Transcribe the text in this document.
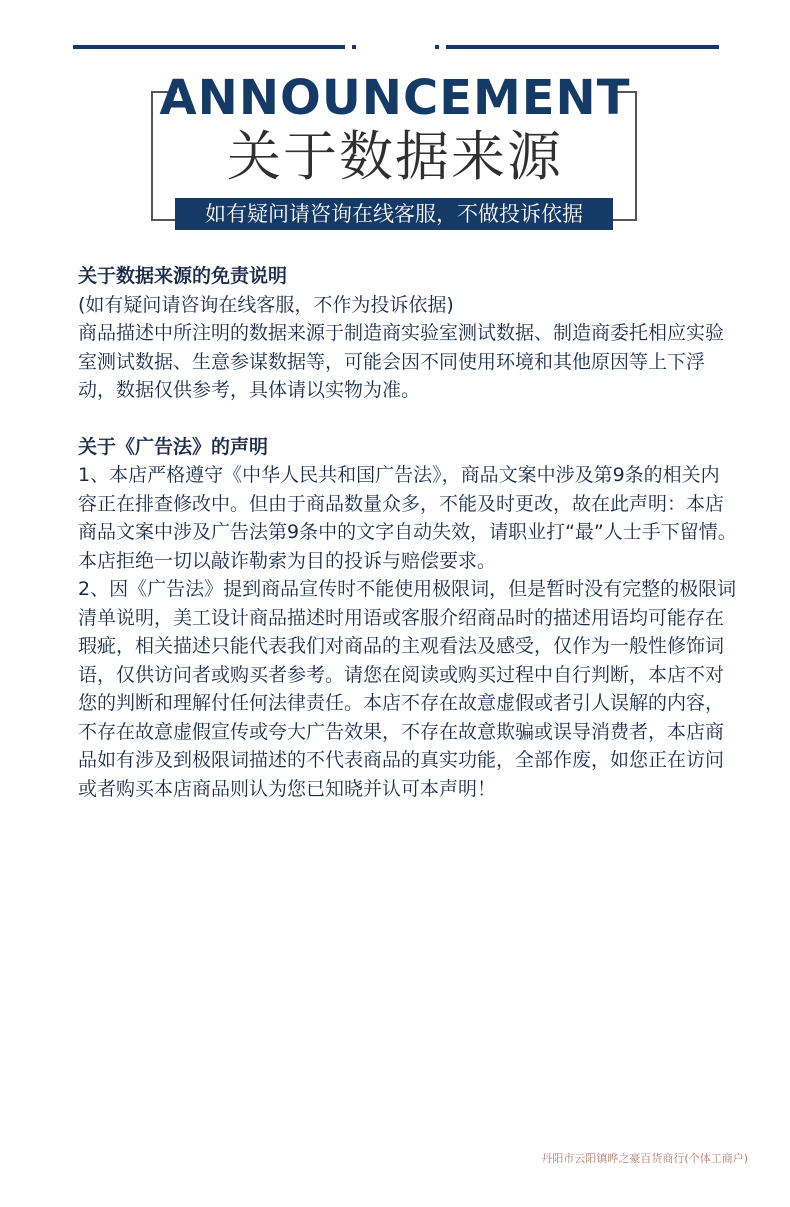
ANNOUNCEMENT
关于数据来源
如有疑问请咨询在线客服，不做投诉依据

关于数据来源的免责说明

(如有疑问请咨询在线客服，不作为投诉依据)

商品描述中所注明的数据来源于制造商实验室测试数据、制造商委托相应实验室测试数据、生意参谋数据等，可能会因不同使用环境和其他原因等上下浮动，数据仅供参考，具体请以实物为准。

关于《广告法》的声明

1、本店严格遵守《中华人民共和国广告法》，商品文案中涉及第9条的相关内容正在排查修改中。但由于商品数量众多，不能及时更改，故在此声明：本店商品文案中涉及广告法第9条中的文字自动失效，请职业打“最”人士手下留情。本店拒绝一切以敲诈勒索为目的投诉与赔偿要求。

2、因《广告法》提到商品宣传时不能使用极限词，但是暂时没有完整的极限词清单说明，美工设计商品描述时用语或客服介绍商品时的描述用语均可能存在瑕疵，相关描述只能代表我们对商品的主观看法及感受，仅作为一般性修饰词语，仅供访问者或购买者参考。请您在阅读或购买过程中自行判断，本店不对您的判断和理解付任何法律责任。本店不存在故意虚假或者引人误解的内容，不存在故意虚假宣传或夸大广告效果，不存在故意欺骗或误导消费者，本店商品如有涉及到极限词描述的不代表商品的真实功能，全部作废，如您正在访问或者购买本店商品则认为您已知晓并认可本声明！

丹阳市云阳镇晔之豪百货商行(个体工商户)
